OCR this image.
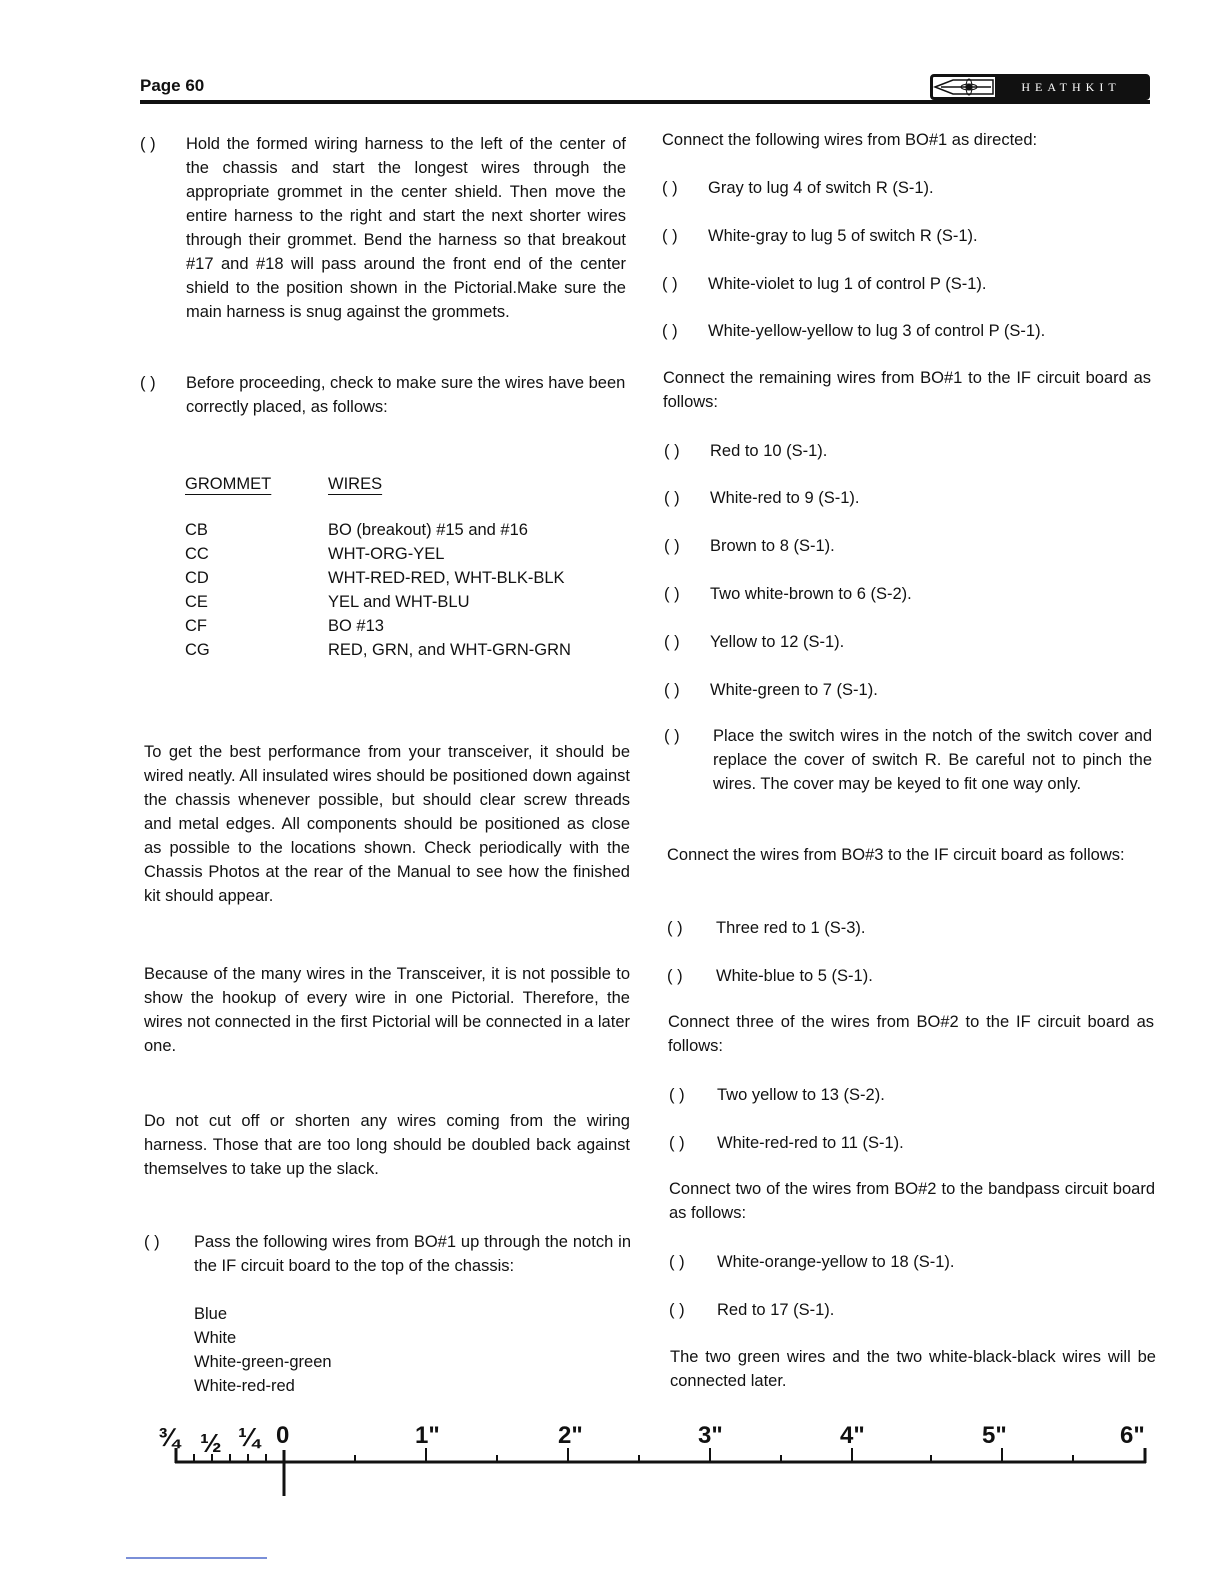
Page 60	HEATHKIT
( )	Hold the formed wiring harness to the left of the center of the chassis and start the longest wires through the appropriate grommet in the center shield. Then move the entire harness to the right and start the next shorter wires through their grommet. Bend the harness so that breakout #17 and #18 will pass around the front end of the center shield to the position shown in the Pictorial.Make sure the main harness is snug against the grommets.

( )	Before proceeding, check to make sure the wires have been correctly placed, as follows:

GROMMET	WIRES
CB	BO (breakout) #15 and #16
CC	WHT-ORG-YEL
CD	WHT-RED-RED, WHT-BLK-BLK
CE	YEL and WHT-BLU
CF	BO #13
CG	RED, GRN, and WHT-GRN-GRN

To get the best performance from your transceiver, it should be wired neatly. All insulated wires should be positioned down against the chassis whenever possible, but should clear screw threads and metal edges. All components should be positioned as close as possible to the locations shown. Check periodically with the Chassis Photos at the rear of the Manual to see how the finished kit should appear.

Because of the many wires in the Transceiver, it is not possible to show the hookup of every wire in one Pictorial. Therefore, the wires not connected in the first Pictorial will be connected in a later one.

Do not cut off or shorten any wires coming from the wiring harness. Those that are too long should be doubled back against themselves to take up the slack.

( )	Pass the following wires from BO#1 up through the notch in the IF circuit board to the top of the chassis:

Blue
White
White-green-green
White-red-red

Connect the following wires from BO#1 as directed:

( )	Gray to lug 4 of switch R (S-1).
( )	White-gray to lug 5 of switch R (S-1).
( )	White-violet to lug 1 of control P (S-1).
( )	White-yellow-yellow to lug 3 of control P (S-1).

Connect the remaining wires from BO#1 to the IF circuit board as follows:

( )	Red to 10 (S-1).
( )	White-red to 9 (S-1).
( )	Brown to 8 (S-1).
( )	Two white-brown to 6 (S-2).
( )	Yellow to 12 (S-1).
( )	White-green to 7 (S-1).
( )	Place the switch wires in the notch of the switch cover and replace the cover of switch R. Be careful not to pinch the wires. The cover may be keyed to fit one way only.

Connect the wires from BO#3 to the IF circuit board as follows:

( )	Three red to 1 (S-3).
( )	White-blue to 5 (S-1).

Connect three of the wires from BO#2 to the IF circuit board as follows:

( )	Two yellow to 13 (S-2).
( )	White-red-red to 11 (S-1).

Connect two of the wires from BO#2 to the bandpass circuit board as follows:

( )	White-orange-yellow to 18 (S-1).
( )	Red to 17 (S-1).

The two green wires and the two white-black-black wires will be connected later.

¾ ½ ¼ 0	1"	2"	3"	4"	5"	6"
